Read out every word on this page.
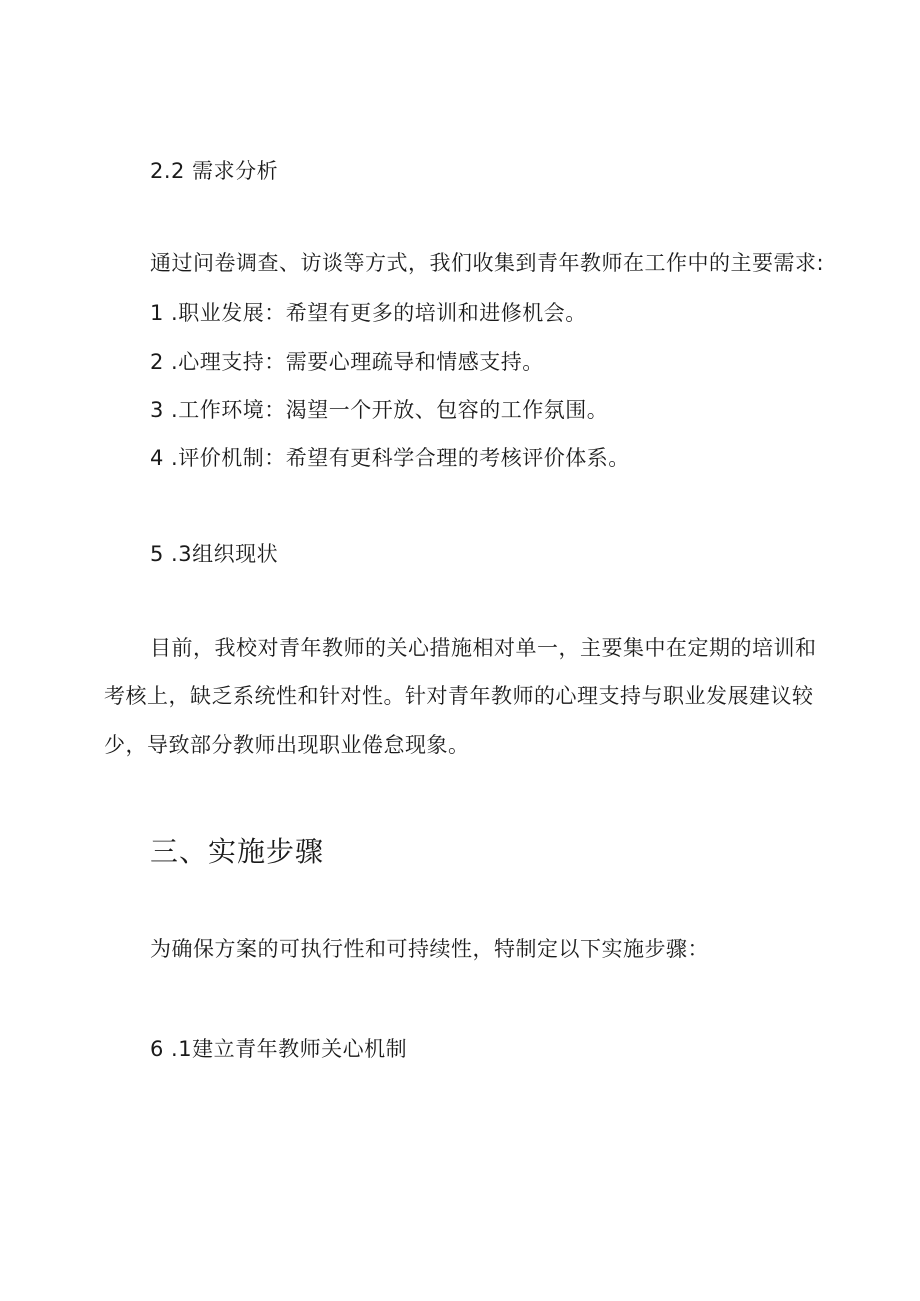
2.2 需求分析
通过问卷调查、访谈等方式，我们收集到青年教师在工作中的主要需求:
1 .职业发展：希望有更多的培训和进修机会。
2 .心理支持：需要心理疏导和情感支持。
3 .工作环境：渴望一个开放、包容的工作氛围。
4 .评价机制：希望有更科学合理的考核评价体系。
5 .3组织现状
目前，我校对青年教师的关心措施相对单一，主要集中在定期的培训和
考核上，缺乏系统性和针对性。针对青年教师的心理支持与职业发展建议较
少，导致部分教师出现职业倦怠现象。
三、实施步骤
为确保方案的可执行性和可持续性，特制定以下实施步骤：
6 .1建立青年教师关心机制
